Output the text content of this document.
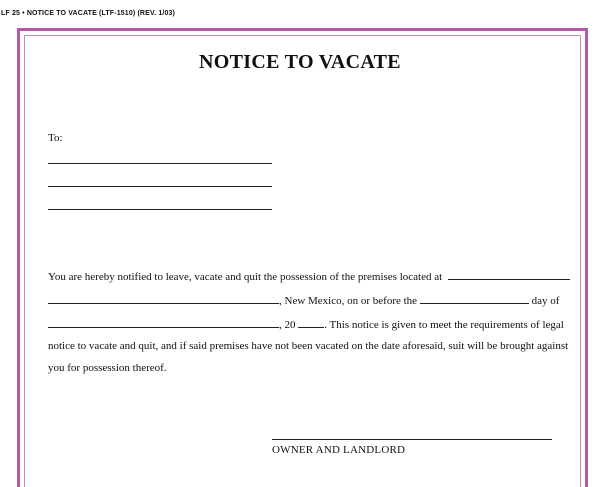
LF 25 • NOTICE TO VACATE (LTF-1510) (REV. 1/03)
NOTICE TO VACATE
To:
You are hereby notified to leave, vacate and quit the possession of the premises located at
, New Mexico, on or before the	day of
, 20	. This notice is given to meet the requirements of legal
notice to vacate and quit, and if said premises have not been vacated on the date aforesaid, suit will be brought against
you for possession thereof.
OWNER AND LANDLORD
